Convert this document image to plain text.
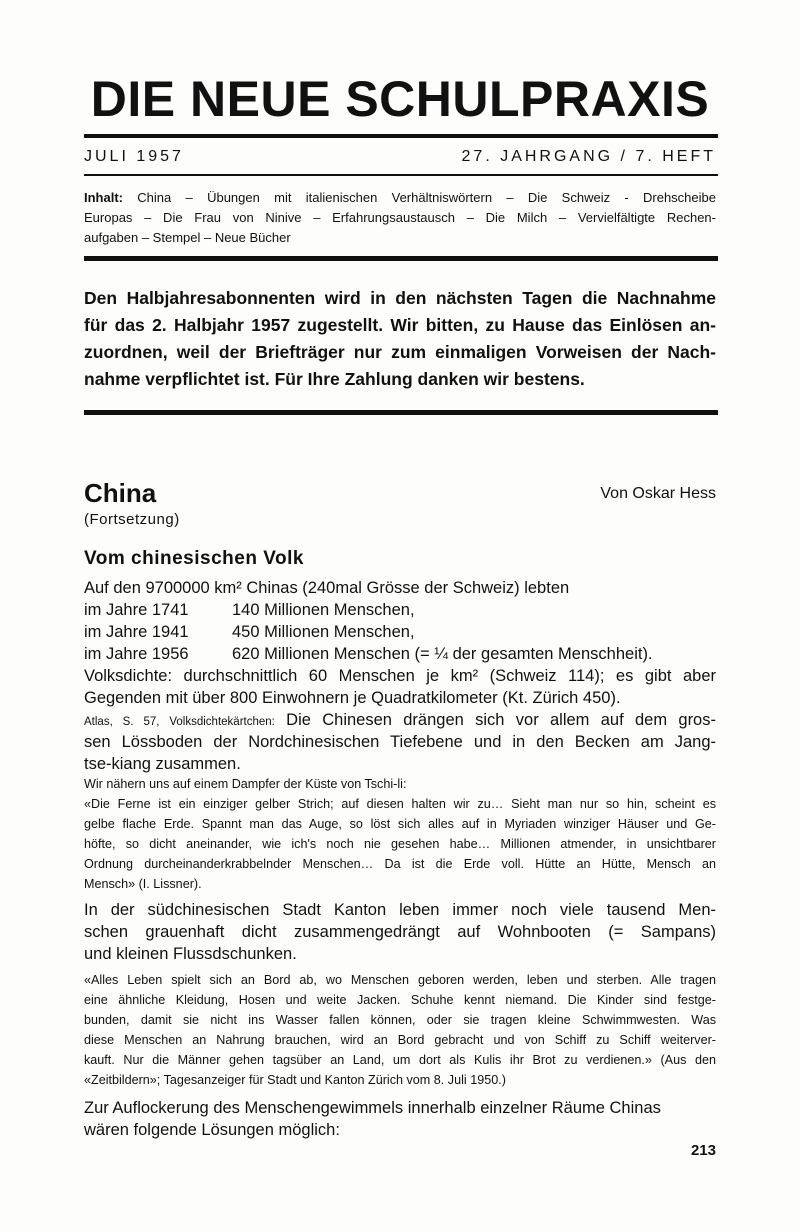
DIE NEUE SCHULPRAXIS
JULI 1957	27. JAHRGANG / 7. HEFT
Inhalt: China – Übungen mit italienischen Verhältniswörtern – Die Schweiz - Drehscheibe
Europas – Die Frau von Ninive – Erfahrungsaustausch – Die Milch – Vervielfältigte Rechen-
aufgaben – Stempel – Neue Bücher
Den Halbjahresabonnenten wird in den nächsten Tagen die Nachnahme
für das 2. Halbjahr 1957 zugestellt. Wir bitten, zu Hause das Einlösen an-
zuordnen, weil der Briefträger nur zum einmaligen Vorweisen der Nach-
nahme verpflichtet ist. Für Ihre Zahlung danken wir bestens.
China	Von Oskar Hess
(Fortsetzung)
Vom chinesischen Volk
Auf den 9700000 km² Chinas (240mal Grösse der Schweiz) lebten
im Jahre 1741	140 Millionen Menschen,
im Jahre 1941	450 Millionen Menschen,
im Jahre 1956	620 Millionen Menschen (= ¼ der gesamten Menschheit).
Volksdichte: durchschnittlich 60 Menschen je km² (Schweiz 114); es gibt aber
Gegenden mit über 800 Einwohnern je Quadratkilometer (Kt. Zürich 450).
Atlas, S. 57, Volksdichtekärtchen: Die Chinesen drängen sich vor allem auf dem gros-
sen Lössboden der Nordchinesischen Tiefebene und in den Becken am Jang-
tse-kiang zusammen.
Wir nähern uns auf einem Dampfer der Küste von Tschi-li:
«Die Ferne ist ein einziger gelber Strich; auf diesen halten wir zu… Sieht man nur so hin, scheint es
gelbe flache Erde. Spannt man das Auge, so löst sich alles auf in Myriaden winziger Häuser und Ge-
höfte, so dicht aneinander, wie ich's noch nie gesehen habe… Millionen atmender, in unsichtbarer
Ordnung durcheinanderkrabbelnder Menschen… Da ist die Erde voll. Hütte an Hütte, Mensch an
Mensch» (I. Lissner).
In der südchinesischen Stadt Kanton leben immer noch viele tausend Men-
schen grauenhaft dicht zusammengedrängt auf Wohnbooten (= Sampans)
und kleinen Flussdschunken.
«Alles Leben spielt sich an Bord ab, wo Menschen geboren werden, leben und sterben. Alle tragen
eine ähnliche Kleidung, Hosen und weite Jacken. Schuhe kennt niemand. Die Kinder sind festge-
bunden, damit sie nicht ins Wasser fallen können, oder sie tragen kleine Schwimmwesten. Was
diese Menschen an Nahrung brauchen, wird an Bord gebracht und von Schiff zu Schiff weiterver-
kauft. Nur die Männer gehen tagsüber an Land, um dort als Kulis ihr Brot zu verdienen.» (Aus den
«Zeitbildern»; Tagesanzeiger für Stadt und Kanton Zürich vom 8. Juli 1950.)
Zur Auflockerung des Menschengewimmels innerhalb einzelner Räume Chinas
wären folgende Lösungen möglich:
213
